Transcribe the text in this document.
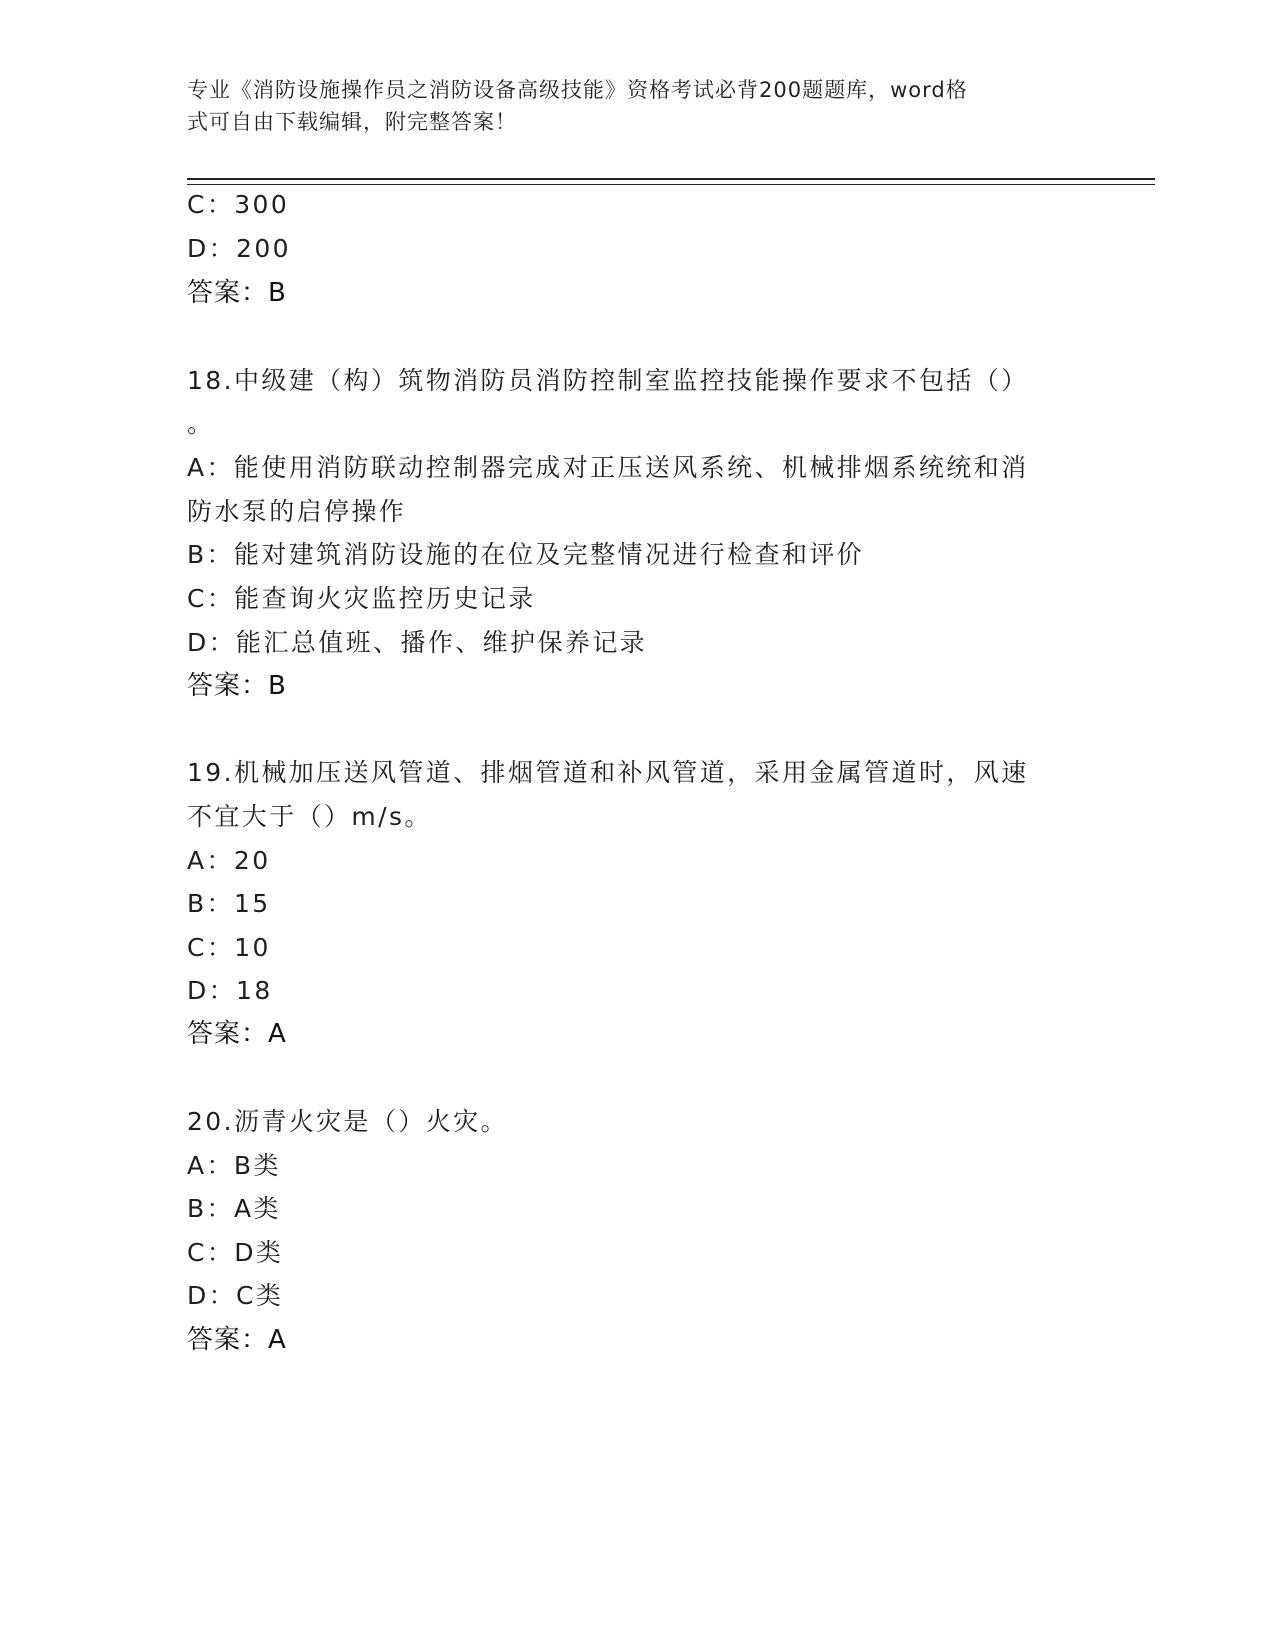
专业《消防设施操作员之消防设备高级技能》资格考试必背200题题库，word格
式可自由下载编辑，附完整答案！
C：300
D：200
答案：B
18.中级建（构）筑物消防员消防控制室监控技能操作要求不包括（）
。
A：能使用消防联动控制器完成对正压送风系统、机械排烟系统统和消
防水泵的启停操作
B：能对建筑消防设施的在位及完整情况进行检查和评价
C：能查询火灾监控历史记录
D：能汇总值班、播作、维护保养记录
答案：B
19.机械加压送风管道、排烟管道和补风管道，采用金属管道时，风速
不宜大于（）m/s。
A：20
B：15
C：10
D：18
答案：A
20.沥青火灾是（）火灾。
A：B类
B：A类
C：D类
D：C类
答案：A
